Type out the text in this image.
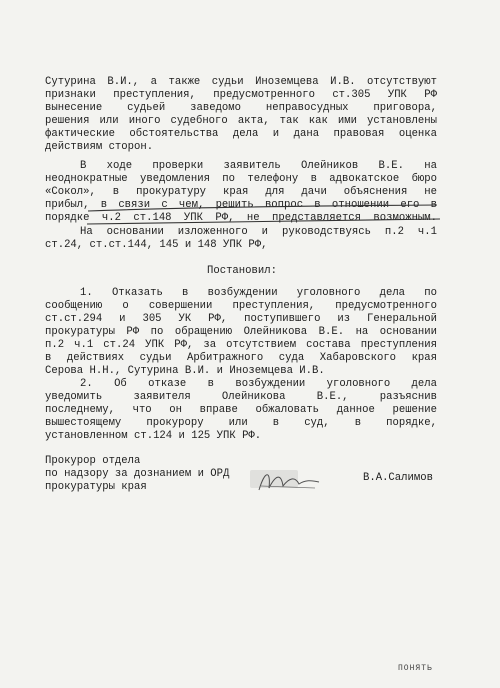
Сутурина В.И., а также судьи Иноземцева И.В. отсутствуют
признаки преступления, предусмотренного ст.305 УПК РФ
вынесение судьей заведомо неправосудных приговора,
решения или иного судебного акта, так как ими установлены
фактические обстоятельства дела и дана правовая оценка
действиям сторон.
В ходе проверки заявитель Олейников В.Е. на
неоднократные уведомления по телефону в адвокатское бюро
«Сокол», в прокуратуру края для дачи объяснения не
прибыл, в связи с чем, решить вопрос в отношении его в
порядке ч.2 ст.148 УПК РФ, не представляется возможным.
На основании изложенного и руководствуясь п.2 ч.1
ст.24, ст.ст.144, 145 и 148 УПК РФ,
Постановил:
1. Отказать в возбуждении уголовного дела по
сообщению о совершении преступления, предусмотренного
ст.ст.294 и 305 УК РФ, поступившего из Генеральной
прокуратуры РФ по обращению Олейникова В.Е. на основании
п.2 ч.1 ст.24 УПК РФ, за отсутствием состава преступления
в действиях судьи Арбитражного суда Хабаровского края
Серова Н.Н., Сутурина В.И. и Иноземцева И.В.
2. Об отказе в возбуждении уголовного дела
уведомить заявителя Олейникова В.Е., разъяснив
последнему, что он вправе обжаловать данное решение
вышестоящему прокурору или в суд, в порядке,
установленном ст.124 и 125 УПК РФ.
Прокурор отдела
по надзору за дознанием и ОРД
прокуратуры края
В.А.Салимов
ПОНЯТЬ
